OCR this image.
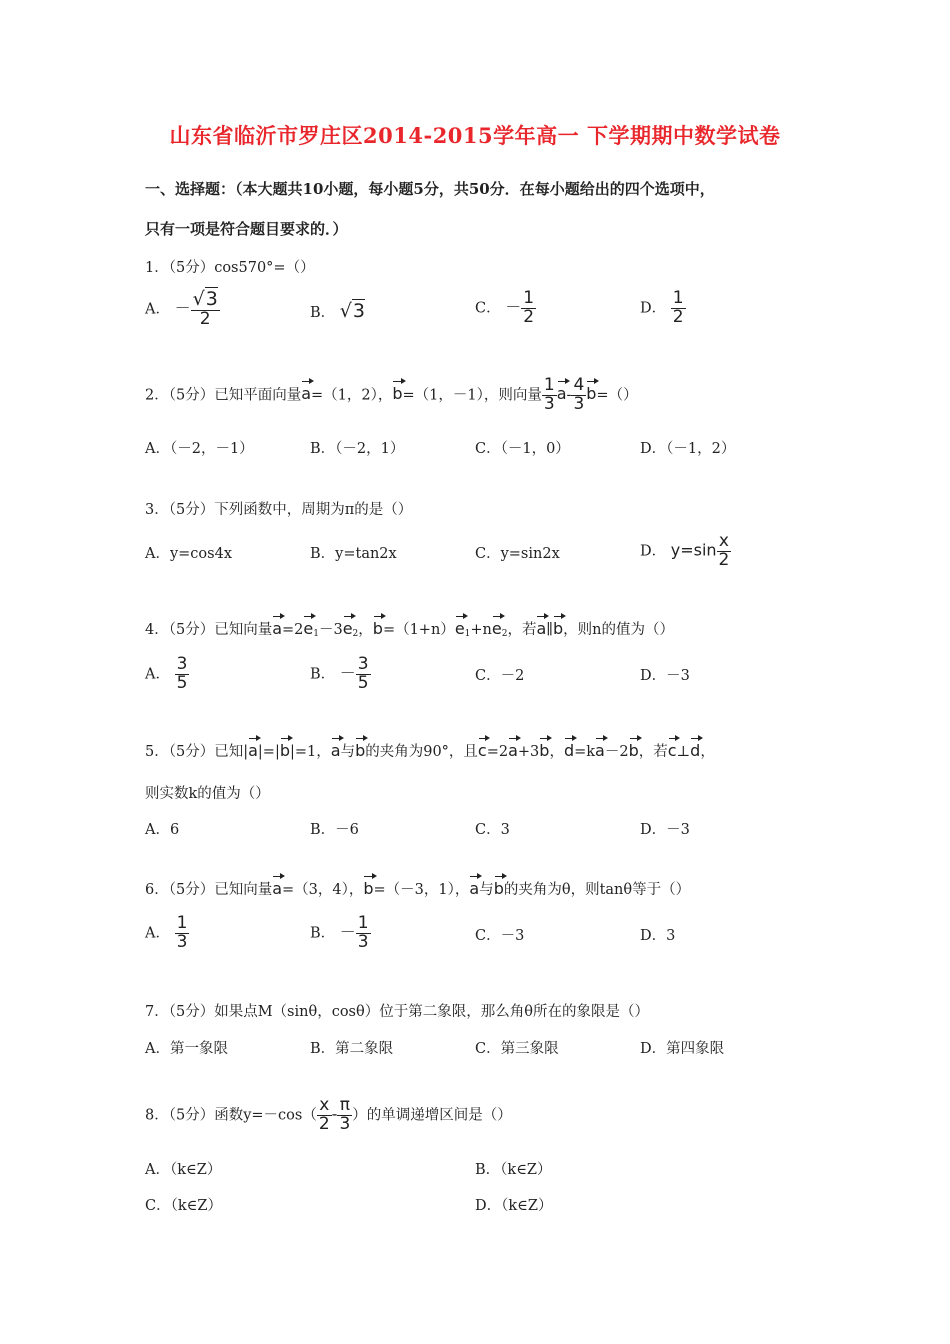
山东省临沂市罗庄区2014-2015学年高一 下学期期中数学试卷
一、选择题：（本大题共10小题，每小题5分，共50分．在每小题给出的四个选项中，
只有一项是符合题目要求的．）
1．（5分）cos570°=（）
A． － $\frac{√3}{2}$	B． √3	C． － $\frac{1}{2}$	D． $\frac{1}{2}$
2．（5分）已知平面向量a=（1，2），b=（1，－1），则向量 $\frac{1}{3} a- \frac{4}{3} b=()$
A．（－2，－1）	B．（－2，1）	C．（－1，0）	D．（－1，2）
3．（5分）下列函数中，周期为π的是（）
A．y=cos4x	B．y=tan2x	C．y=sin2x	D． $y=\sin \frac{x}{2}$
4．（5分）已知向量$a=2e_1-3e_2$，$b=(1+n)e_1+ne_2$，若a∥b，则n的值为（）
A． $\frac{3}{5}$	B． － $\frac{3}{5}$	C．－2	D．－3
5．（5分）已知|a|=|b|=1，a与b的夹角为90°，且c=2a+3b，d=ka－2b，若c⊥d，
则实数k的值为（）
A．6	B．－6	C．3	D．－3
6．（5分）已知向量a=（3，4），b=（－3，1），a与b的夹角为θ，则tanθ等于（）
A． $\frac{1}{3}$	B． － $\frac{1}{3}$	C．－3	D．3
7．（5分）如果点M（sinθ，cosθ）位于第二象限，那么角θ所在的象限是（）
A．第一象限	B．第二象限	C．第三象限	D．第四象限
8．（5分）函数$y=-\cos( \frac{x}{2} - \frac{\pi}{3}$ ）的单调递增区间是（）
A．（k∈Z）	B．（k∈Z）
C．（k∈Z）	D．（k∈Z）
